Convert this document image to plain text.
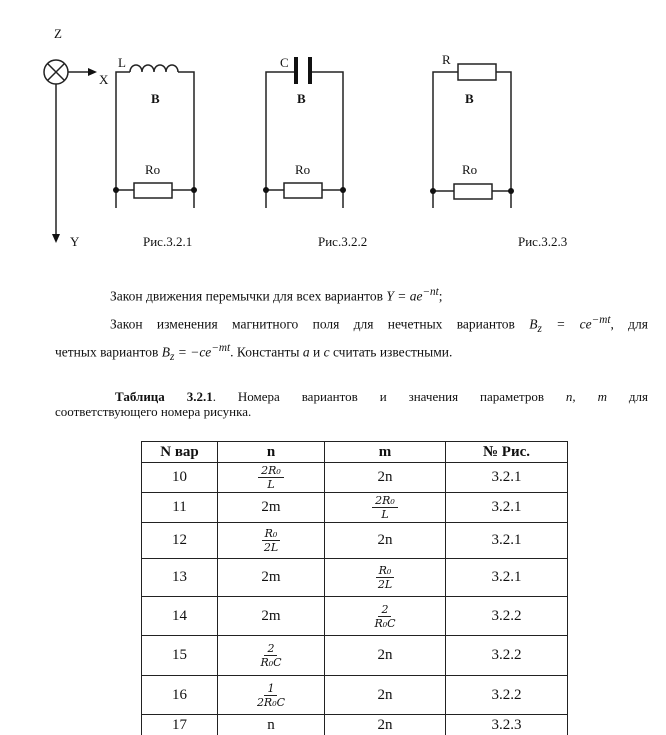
Z
X
Y
L
B
Ro
Рис.3.2.1
C
B
Ro
Рис.3.2.2
R
B
Ro
Рис.3.2.3
Закон движения перемычки для всех вариантов $Y = ae^{-nt}$;
Закон изменения магнитного поля для нечетных вариантов $B_z = ce^{-mt}$, для
четных вариантов $B_z = -ce^{-mt}$. Константы a и c считать известными.
Таблица 3.2.1. Номера вариантов и значения параметров n, m для
соответствующего номера рисунка.
N вар	n	m	№ Рис.
10	$\frac{\text{2R₀}}{L}$	2n	3.2.1
11	2m	$\frac{\text{2R₀}}{L}$	3.2.1
12	$\frac{\text{R₀}}{2L}$	2n	3.2.1
13	2m	$\frac{\text{R₀}}{2L}$	3.2.1
14	2m	$\frac{2}{\text{R₀C}}$	3.2.2
15	$\frac{2}{\text{R₀C}}$	2n	3.2.2
16	$\frac{1}{\text{2R₀C}}$	2n	3.2.2
17	n	2n	3.2.3
